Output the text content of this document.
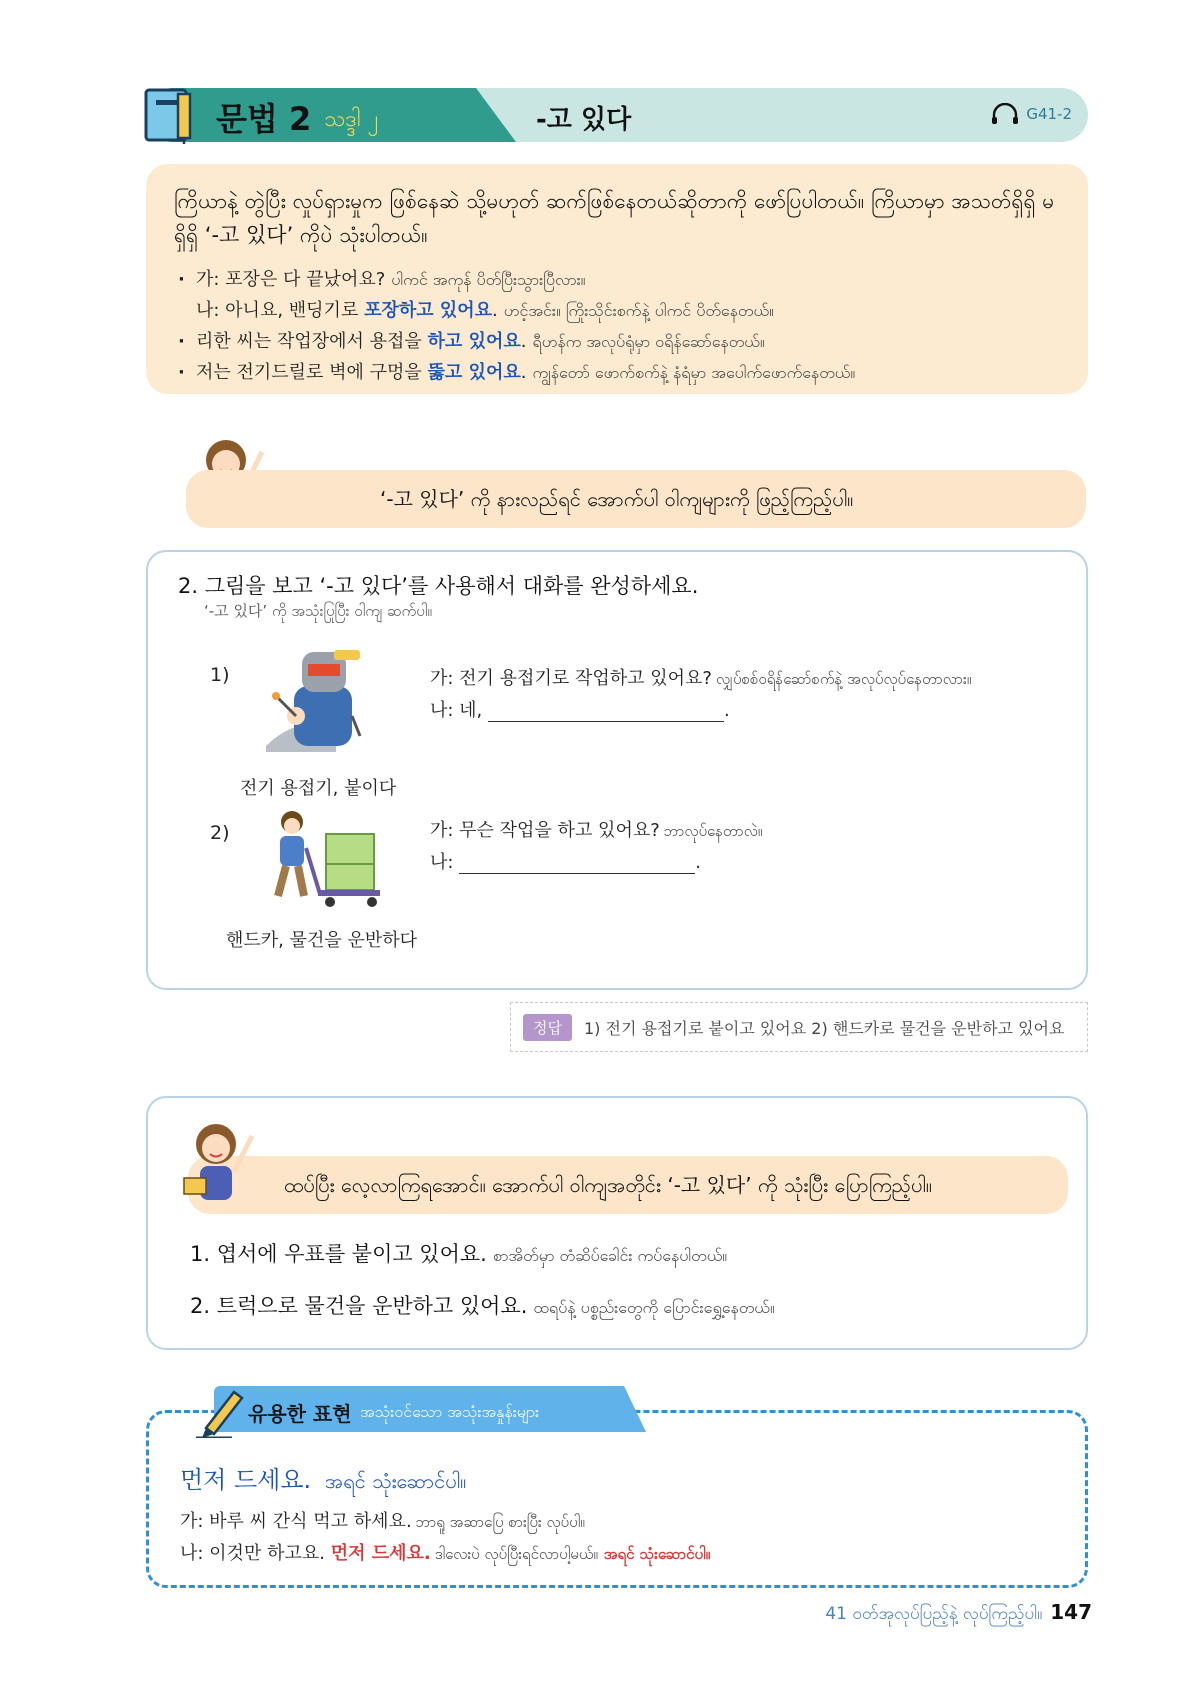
문법 2 သဒ္ဒါ ၂	-고 있다	G41-2

ကြိယာနဲ့ တွဲပြီး လှုပ်ရှားမှုက ဖြစ်နေဆဲ သို့မဟုတ် ဆက်ဖြစ်နေတယ်ဆိုတာကို ဖော်ပြပါတယ်။ ကြိယာမှာ အသတ်ရှိရှိ မရှိရှိ ‘-고 있다’ ကိုပဲ သုံးပါတယ်။

· 가: 포장은 다 끝났어요? ပါကင် အကုန် ပိတ်ပြီးသွားပြီလား။
나: 아니요, 밴딩기로 포장하고 있어요. ဟင့်အင်း။ ကြိုးသိုင်းစက်နဲ့ ပါကင် ပိတ်နေတယ်။
· 리한 씨는 작업장에서 용접을 하고 있어요. ရီဟန်က အလုပ်ရုံမှာ ဝရိန်ဆော်နေတယ်။
· 저는 전기드릴로 벽에 구멍을 뚫고 있어요. ကျွန်တော် ဖောက်စက်နဲ့ နံရံမှာ အပေါက်ဖောက်နေတယ်။
‘-고 있다’ ကို နားလည်ရင် အောက်ပါ ဝါကျများကို ဖြည့်ကြည့်ပါ။
2. 그림을 보고 ‘-고 있다’를 사용해서 대화를 완성하세요.
‘-고 있다’ ကို အသုံးပြုပြီး ဝါကျ ဆက်ပါ။
1)
전기 용접기, 붙이다
가: 전기 용접기로 작업하고 있어요? လျှပ်စစ်ဝရိန်ဆော်စက်နဲ့ အလုပ်လုပ်နေတာလား။
나: 네,	.
2)
핸드카, 물건을 운반하다
가: 무슨 작업을 하고 있어요? ဘာလုပ်နေတာလဲ။
나:	.
정답	1) 전기 용접기로 붙이고 있어요 2) 핸드카로 물건을 운반하고 있어요
ထပ်ပြီး လေ့လာကြရအောင်။ အောက်ပါ ဝါကျအတိုင်း ‘-고 있다’ ကို သုံးပြီး ပြောကြည့်ပါ။
1. 엽서에 우표를 붙이고 있어요. စာအိတ်မှာ တံဆိပ်ခေါင်း ကပ်နေပါတယ်။
2. 트럭으로 물건을 운반하고 있어요. ထရပ်နဲ့ ပစ္စည်းတွေကို ပြောင်းရွှေ့နေတယ်။
유용한 표현 အသုံးဝင်သော အသုံးအနှုန်းများ
먼저 드세요. အရင် သုံးဆောင်ပါ။
가: 바루 씨 간식 먹고 하세요. ဘာရူ အဆာပြေ စားပြီး လုပ်ပါ။
나: 이것만 하고요. 먼저 드세요. ဒါလေးပဲ လုပ်ပြီးရင်လာပါ့မယ်။ အရင် သုံးဆောင်ပါ။
41 ဝတ်အုလုပ်ပြည့်နဲ့ လုပ်ကြည့်ပါ။ 147
